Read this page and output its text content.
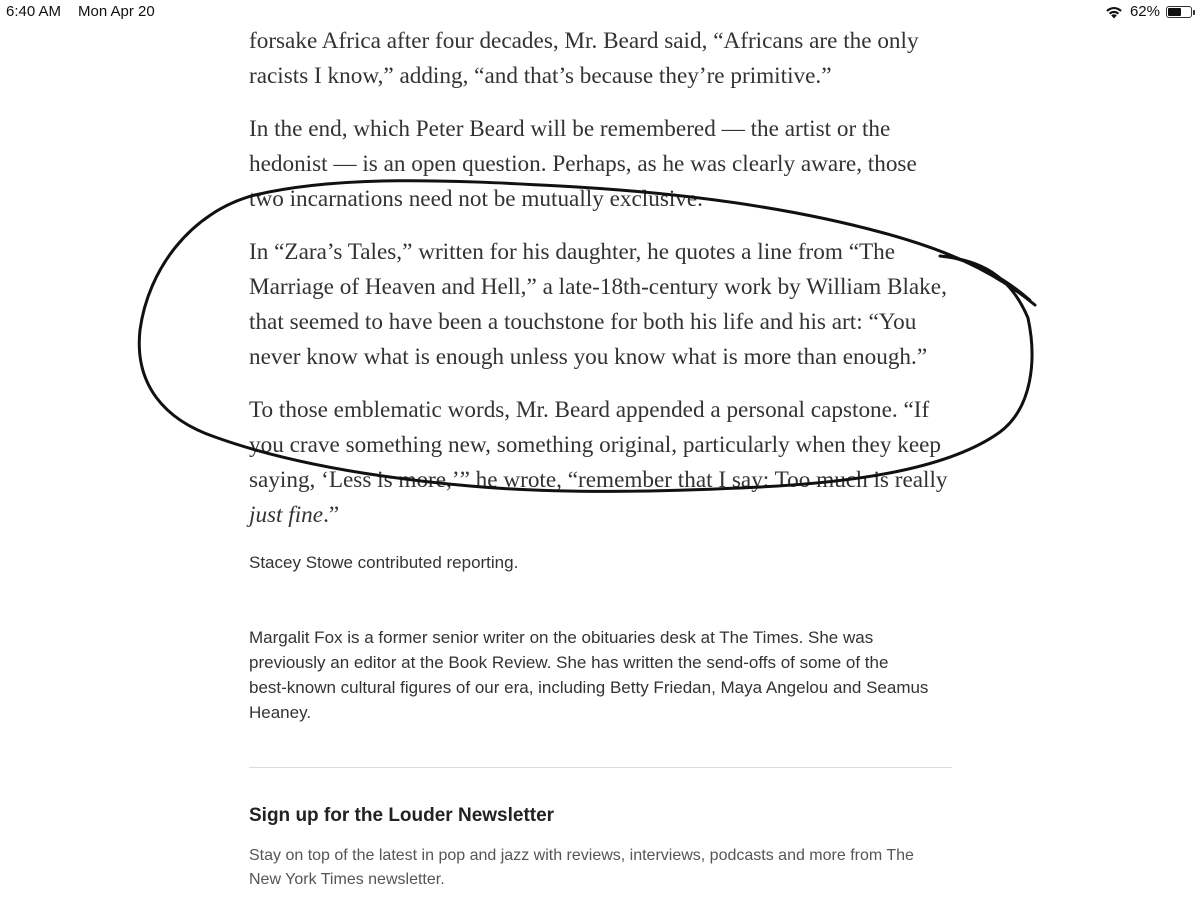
6:40 AM Mon Apr 20	62%

forsake Africa after four decades, Mr. Beard said, “Africans are the only racists I know,” adding, “and that’s because they’re primitive.”

In the end, which Peter Beard will be remembered — the artist or the hedonist — is an open question. Perhaps, as he was clearly aware, those two incarnations need not be mutually exclusive.

In “Zara’s Tales,” written for his daughter, he quotes a line from “The Marriage of Heaven and Hell,” a late-18th-century work by William Blake, that seemed to have been a touchstone for both his life and his art: “You never know what is enough unless you know what is more than enough.”

To those emblematic words, Mr. Beard appended a personal capstone. “If you crave something new, something original, particularly when they keep saying, ‘Less is more,’” he wrote, “remember that I say: Too much is really just fine.”

Stacey Stowe contributed reporting.

Margalit Fox is a former senior writer on the obituaries desk at The Times. She was previously an editor at the Book Review. She has written the send-offs of some of the best-known cultural figures of our era, including Betty Friedan, Maya Angelou and Seamus Heaney.

Sign up for the Louder Newsletter
Stay on top of the latest in pop and jazz with reviews, interviews, podcasts and more from The New York Times newsletter.
